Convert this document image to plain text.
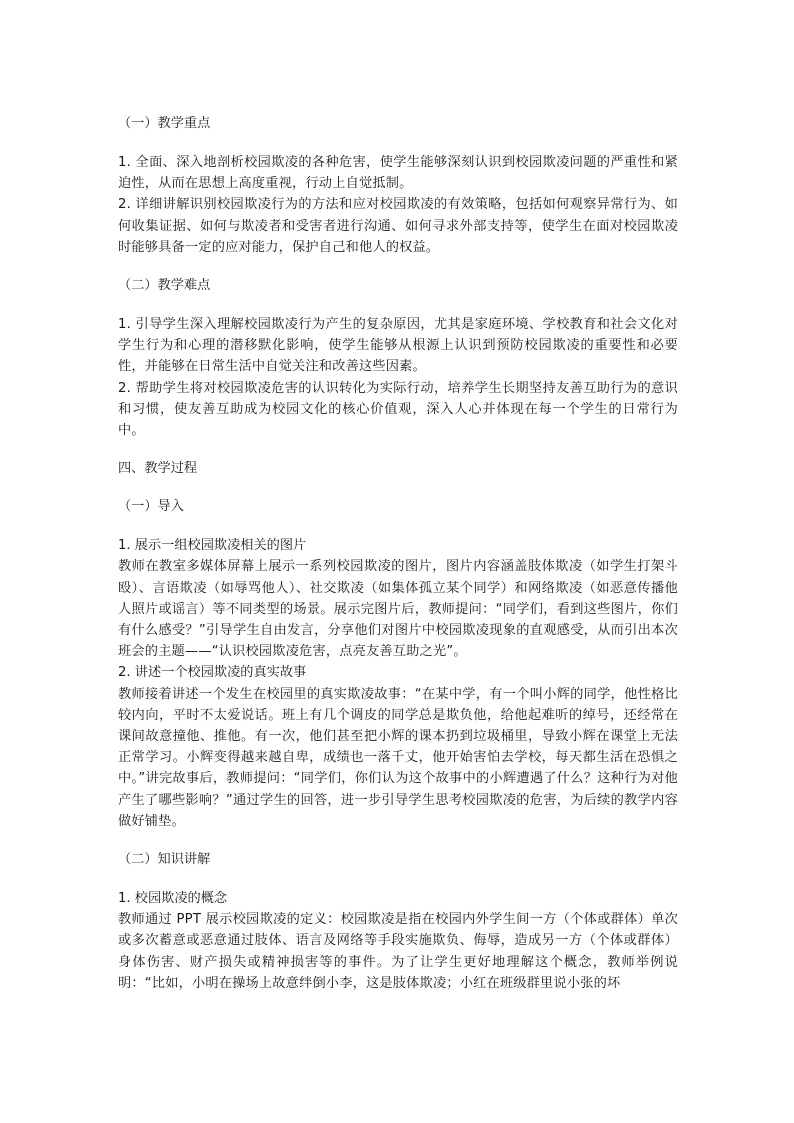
（一）教学重点

1. 全面、深入地剖析校园欺凌的各种危害，使学生能够深刻认识到校园欺凌问题的严重性和紧迫性，从而在思想上高度重视，行动上自觉抵制。

2. 详细讲解识别校园欺凌行为的方法和应对校园欺凌的有效策略，包括如何观察异常行为、如何收集证据、如何与欺凌者和受害者进行沟通、如何寻求外部支持等，使学生在面对校园欺凌时能够具备一定的应对能力，保护自己和他人的权益。

（二）教学难点

1. 引导学生深入理解校园欺凌行为产生的复杂原因，尤其是家庭环境、学校教育和社会文化对学生行为和心理的潜移默化影响，使学生能够从根源上认识到预防校园欺凌的重要性和必要性，并能够在日常生活中自觉关注和改善这些因素。

2. 帮助学生将对校园欺凌危害的认识转化为实际行动，培养学生长期坚持友善互助行为的意识和习惯，使友善互助成为校园文化的核心价值观，深入人心并体现在每一个学生的日常行为中。

四、教学过程
（一）导入

1. 展示一组校园欺凌相关的图片

教师在教室多媒体屏幕上展示一系列校园欺凌的图片，图片内容涵盖肢体欺凌（如学生打架斗殴）、言语欺凌（如辱骂他人）、社交欺凌（如集体孤立某个同学）和网络欺凌（如恶意传播他人照片或谣言）等不同类型的场景。展示完图片后，教师提问：“同学们，看到这些图片，你们有什么感受？”引导学生自由发言，分享他们对图片中校园欺凌现象的直观感受，从而引出本次班会的主题——“认识校园欺凌危害，点亮友善互助之光”。

2. 讲述一个校园欺凌的真实故事

教师接着讲述一个发生在校园里的真实欺凌故事：“在某中学，有一个叫小辉的同学，他性格比较内向，平时不太爱说话。班上有几个调皮的同学总是欺负他，给他起难听的绰号，还经常在课间故意撞他、推他。有一次，他们甚至把小辉的课本扔到垃圾桶里，导致小辉在课堂上无法正常学习。小辉变得越来越自卑，成绩也一落千丈，他开始害怕去学校，每天都生活在恐惧之中。”讲完故事后，教师提问：“同学们，你们认为这个故事中的小辉遭遇了什么？这种行为对他产生了哪些影响？”通过学生的回答，进一步引导学生思考校园欺凌的危害，为后续的教学内容做好铺垫。

（二）知识讲解

1. 校园欺凌的概念

教师通过 PPT 展示校园欺凌的定义：校园欺凌是指在校园内外学生间一方（个体或群体）单次或多次蓄意或恶意通过肢体、语言及网络等手段实施欺负、侮辱，造成另一方（个体或群体）身体伤害、财产损失或精神损害等的事件。为了让学生更好地理解这个概念，教师举例说明：“比如，小明在操场上故意绊倒小李，这是肢体欺凌；小红在班级群里说小张的坏
